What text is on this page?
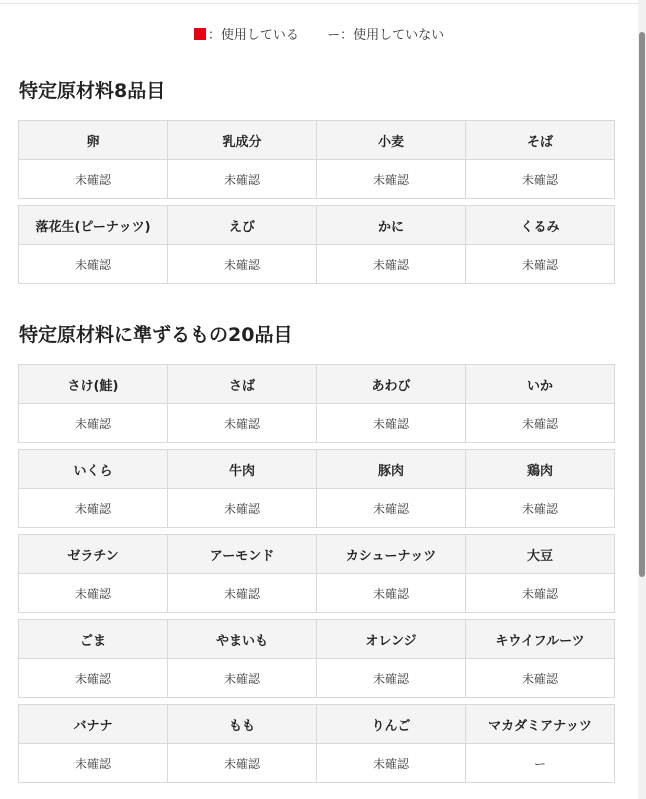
：使用している ー：使用していない
特定原材料8品目
卵	乳成分	小麦	そば
未確認	未確認	未確認	未確認
落花生(ピーナッツ)	えび	かに	くるみ
未確認	未確認	未確認	未確認
特定原材料に準ずるもの20品目
さけ(鮭)	さば	あわび	いか
未確認	未確認	未確認	未確認
いくら	牛肉	豚肉	鶏肉
未確認	未確認	未確認	未確認
ゼラチン	アーモンド	カシューナッツ	大豆
未確認	未確認	未確認	未確認
ごま	やまいも	オレンジ	キウイフルーツ
未確認	未確認	未確認	未確認
バナナ	もも	りんご	マカダミアナッツ
未確認	未確認	未確認	ー
